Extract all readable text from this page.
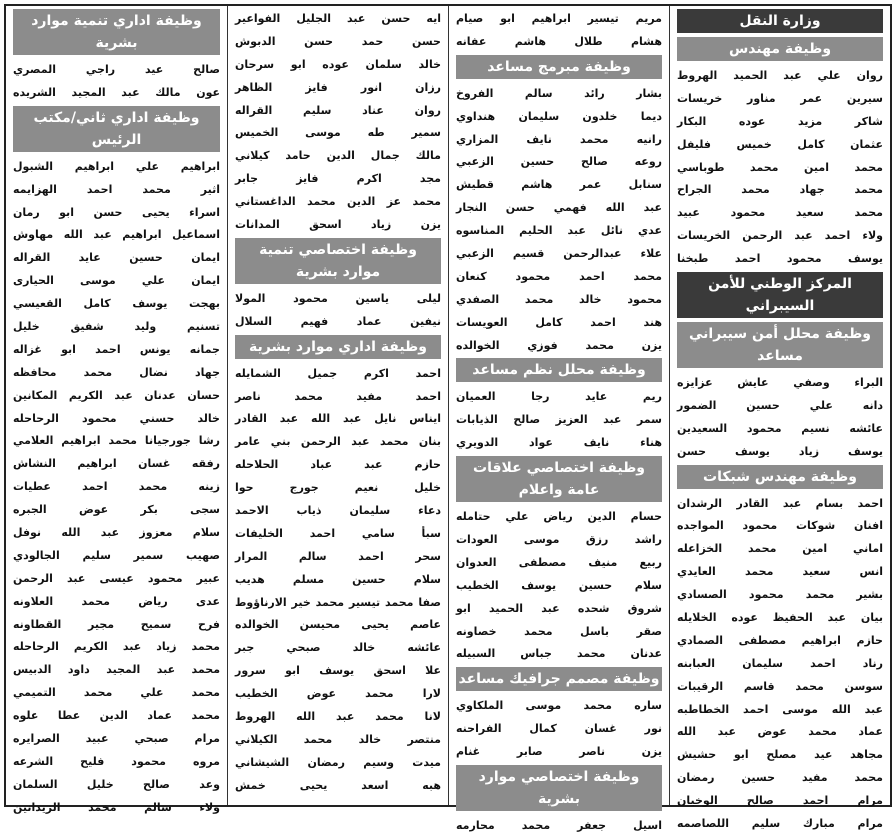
وزارة النقل
وظيفة مهندس
روان علي عبد الحميد الهروط
سيرين عمر مناور خريسات
شاكر مزيد عوده البكار
عثمان كامل خميس فليفل
محمد امين محمد طوباسي
محمد جهاد محمد الجراح
محمد سعيد محمود عبيد
ولاء احمد عبد الرحمن الخريسات
يوسف محمود احمد طبخنا
المركز الوطني للأمن
السيبراني
وظيفة محلل أمن سيبراني
مساعد
البراء وصفي عايش عزايزه
دانه علي حسين الضمور
عائشه نسيم محمود السعيدين
يوسف زياد يوسف حسن
وظيفة مهندس شبكات
احمد بسام عبد القادر الرشدان
افنان شوكات محمود المواجده
اماني امين محمد الخزاعله
انس سعيد محمد العايدي
بشير محمد محمود الصسادي
بيان عبد الحفيظ عوده الخلايله
حازم ابراهيم مصطفى الصمادي
رناد احمد سليمان العبابنه
سوسن محمد قاسم الرقيبات
عبد الله موسى احمد الخطاطبه
عماد محمد عوض عبد الله
مجاهد عيد مصلح ابو حشيش
محمد مفيد حسين رمضان
مرام احمد صالح الوخيان
مرام مبارك سليم اللصاصمه
مريم تيسير ابراهيم ابو صيام
هشام طلال هاشم عفانه
وظيفة مبرمج مساعد
بشار رائد سالم الفروخ
ديما خلدون سليمان هنداوي
رانيه محمد نايف المزاري
روعه صالح حسين الزعبي
سنابل عمر هاشم قطيش
عبد الله فهمي حسن النجار
عدي نائل عبد الحليم المناسوه
علاء عبدالرحمن قسيم الزعبي
محمد احمد محمود كنعان
محمود خالد محمد الصفدي
هند احمد كامل العويسات
يزن محمد فوزي الخوالده
وظيفة محلل نظم مساعد
ريم عايد رجا العميان
سمر عبد العزيز صالح الذيابات
هناء نايف عواد الدويري
وظيفة اختصاصي علاقات
عامة واعلام
حسام الدين رياض علي حتامله
راشد رزق موسى العودات
ربيع منيف مصطفى العدوان
سلام حسين يوسف الخطيب
شروق شحده عبد الحميد ابو
صقر باسل محمد خصاونه
عدنان محمد جباس السبيله
وظيفة مصمم جرافيك مساعد
ساره محمد موسى الملكاوي
نور غسان كمال الفراحنه
يزن ناصر صابر غنام
وظيفة اختصاصي موارد
بشرية
اسيل جعفر محمد محارمه
ايه حسن عبد الجليل الفواعير
حسن حمد حسن الدبوش
خالد سلمان عوده ابو سرحان
رزان انور فايز الظاهر
روان عناد سليم القراله
سمير طه موسى الخميس
مالك جمال الدين حامد كيلاني
مجد اكرم فايز جابر
محمد عز الدين محمد الداغستاني
يزن زياد اسحق المدانات
وظيفة اختصاصي تنمية
موارد بشرية
ليلى ياسين محمود المولا
نيفين عماد فهيم السلال
وظيفة اداري موارد بشرية
احمد اكرم جميل الشمايله
احمد مفيد محمد ناصر
ايناس نايل عبد الله عبد القادر
بنان محمد عبد الرحمن بني عامر
حازم عبد عباد الحلاحله
خليل نعيم جورج حوا
دعاء سليمان ذياب الاحمد
سبأ سامي احمد الخليفات
سحر احمد سالم المرار
سلام حسين مسلم هديب
صفا محمد تيسير محمد خير الارناؤوط
عاصم يحيى محيسن الخوالده
عائشه خالد صبحي جبر
علا اسحق يوسف ابو سرور
لارا محمد عوض الخطيب
لانا محمد عبد الله الهروط
منتصر خالد محمد الكيلاني
ميدت وسيم رمضان الشيشاني
هبه اسعد يحيى خمش
وظيفة اداري تنمية موارد
بشرية
صالح عيد راجي المصري
عون مالك عبد المجيد الشريده
وظيفة اداري ثاني/مكتب
الرئيس
ابراهيم علي ابراهيم الشبول
اثير محمد احمد الهزايمه
اسراء يحيى حسن ابو رمان
اسماعيل ابراهيم عبد الله مهاوش
ايمان حسين عايد القراله
ايمان علي موسى الحيارى
بهجت يوسف كامل القعيسي
تسنيم وليد شفيق خليل
جمانه يونس احمد ابو غزاله
جهاد نضال محمد محافظه
حسان عدنان عبد الكريم المكانين
خالد حسني محمود الرحاحله
رشا جورجيانا محمد ابراهيم العلامي
رفقه غسان ابراهيم النشاش
زينه محمد احمد عطيات
سجى بكر عوض الجبره
سلام معزوز عبد الله نوفل
صهيب سمير سليم الجالودي
عبير محمود عيسى عبد الرحمن
عدى رياض محمد العلاونه
فرح سميح مجير القطاونه
محمد زياد عبد الكريم الرحاحله
محمد عبد المجيد داود الدبيس
محمد علي محمد التميمي
محمد عماد الدين عطا علوه
مرام صبحي عبيد الصرايره
مروه محمود فليح الشرعه
وعد صالح خليل السلمان
ولاء سالم محمد الزيدانين
